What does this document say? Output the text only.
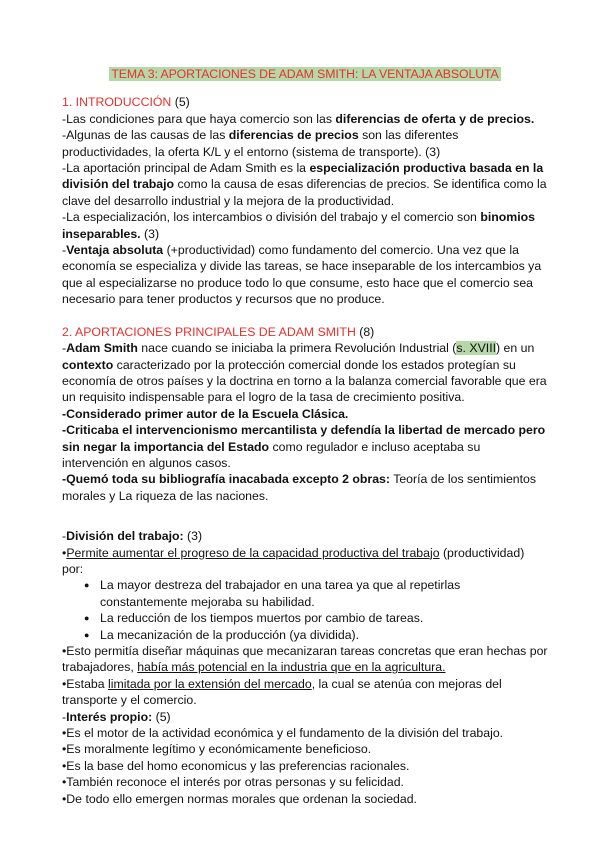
TEMA 3: APORTACIONES DE ADAM SMITH: LA VENTAJA ABSOLUTA

1. INTRODUCCIÓN (5)

-Las condiciones para que haya comercio son las diferencias de oferta y de precios.

-Algunas de las causas de las diferencias de precios son las diferentes productividades, la oferta K/L y el entorno (sistema de transporte). (3)

-La aportación principal de Adam Smith es la especialización productiva basada en la división del trabajo como la causa de esas diferencias de precios. Se identifica como la clave del desarrollo industrial y la mejora de la productividad.

-La especialización, los intercambios o división del trabajo y el comercio son binomios inseparables. (3)

-Ventaja absoluta (+productividad) como fundamento del comercio. Una vez que la economía se especializa y divide las tareas, se hace inseparable de los intercambios ya que al especializarse no produce todo lo que consume, esto hace que el comercio sea necesario para tener productos y recursos que no produce.

2. APORTACIONES PRINCIPALES DE ADAM SMITH (8)

-Adam Smith nace cuando se iniciaba la primera Revolución Industrial (s. XVIII) en un contexto caracterizado por la protección comercial donde los estados protegían su economía de otros países y la doctrina en torno a la balanza comercial favorable que era un requisito indispensable para el logro de la tasa de crecimiento positiva.

-Considerado primer autor de la Escuela Clásica.

-Criticaba el intervencionismo mercantilista y defendía la libertad de mercado pero sin negar la importancia del Estado como regulador e incluso aceptaba su intervención en algunos casos.

-Quemó toda su bibliografía inacabada excepto 2 obras: Teoría de los sentimientos morales y La riqueza de las naciones.

-División del trabajo: (3)

•Permite aumentar el progreso de la capacidad productiva del trabajo (productividad) por:

● La mayor destreza del trabajador en una tarea ya que al repetirlas constantemente mejoraba su habilidad.
● La reducción de los tiempos muertos por cambio de tareas.
● La mecanización de la producción (ya dividida).

•Esto permitía diseñar máquinas que mecanizaran tareas concretas que eran hechas por trabajadores, había más potencial en la industria que en la agricultura.

•Estaba limitada por la extensión del mercado, la cual se atenúa con mejoras del transporte y el comercio.

-Interés propio: (5)

•Es el motor de la actividad económica y el fundamento de la división del trabajo.

•Es moralmente legítimo y económicamente beneficioso.

•Es la base del homo economicus y las preferencias racionales.

•También reconoce el interés por otras personas y su felicidad.

•De todo ello emergen normas morales que ordenan la sociedad.
